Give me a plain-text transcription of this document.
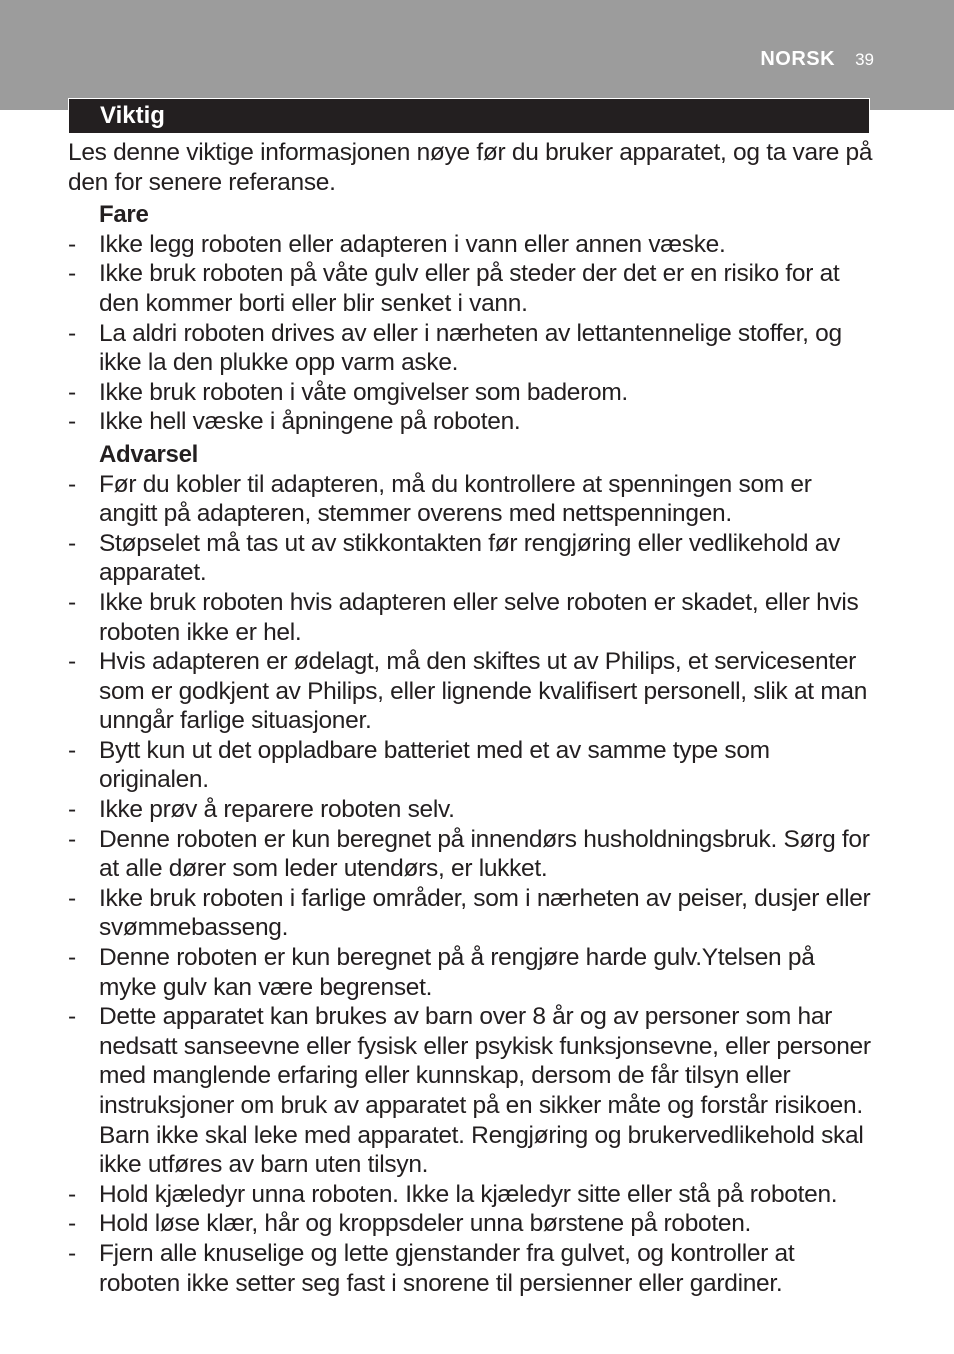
NORSK 39
Viktig

Les denne viktige informasjonen nøye før du bruker apparatet, og ta vare på den for senere referanse.

Fare
- Ikke legg roboten eller adapteren i vann eller annen væske.
- Ikke bruk roboten på våte gulv eller på steder der det er en risiko for at den kommer borti eller blir senket i vann.
- La aldri roboten drives av eller i nærheten av lettantennelige stoffer, og ikke la den plukke opp varm aske.
- Ikke bruk roboten i våte omgivelser som baderom.
- Ikke hell væske i åpningene på roboten.
Advarsel
- Før du kobler til adapteren, må du kontrollere at spenningen som er angitt på adapteren, stemmer overens med nettspenningen.
- Støpselet må tas ut av stikkontakten før rengjøring eller vedlikehold av apparatet.
- Ikke bruk roboten hvis adapteren eller selve roboten er skadet, eller hvis roboten ikke er hel.
- Hvis adapteren er ødelagt, må den skiftes ut av Philips, et servicesenter som er godkjent av Philips, eller lignende kvalifisert personell, slik at man unngår farlige situasjoner.
- Bytt kun ut det oppladbare batteriet med et av samme type som originalen.
- Ikke prøv å reparere roboten selv.
- Denne roboten er kun beregnet på innendørs husholdningsbruk. Sørg for at alle dører som leder utendørs, er lukket.
- Ikke bruk roboten i farlige områder, som i nærheten av peiser, dusjer eller svømmebasseng.
- Denne roboten er kun beregnet på å rengjøre harde gulv.Ytelsen på myke gulv kan være begrenset.
- Dette apparatet kan brukes av barn over 8 år og av personer som har nedsatt sanseevne eller fysisk eller psykisk funksjonsevne, eller personer med manglende erfaring eller kunnskap, dersom de får tilsyn eller instruksjoner om bruk av apparatet på en sikker måte og forstår risikoen. Barn ikke skal leke med apparatet. Rengjøring og brukervedlikehold skal ikke utføres av barn uten tilsyn.
- Hold kjæledyr unna roboten. Ikke la kjæledyr sitte eller stå på roboten.
- Hold løse klær, hår og kroppsdeler unna børstene på roboten.
- Fjern alle knuselige og lette gjenstander fra gulvet, og kontroller at roboten ikke setter seg fast i snorene til persienner eller gardiner.
